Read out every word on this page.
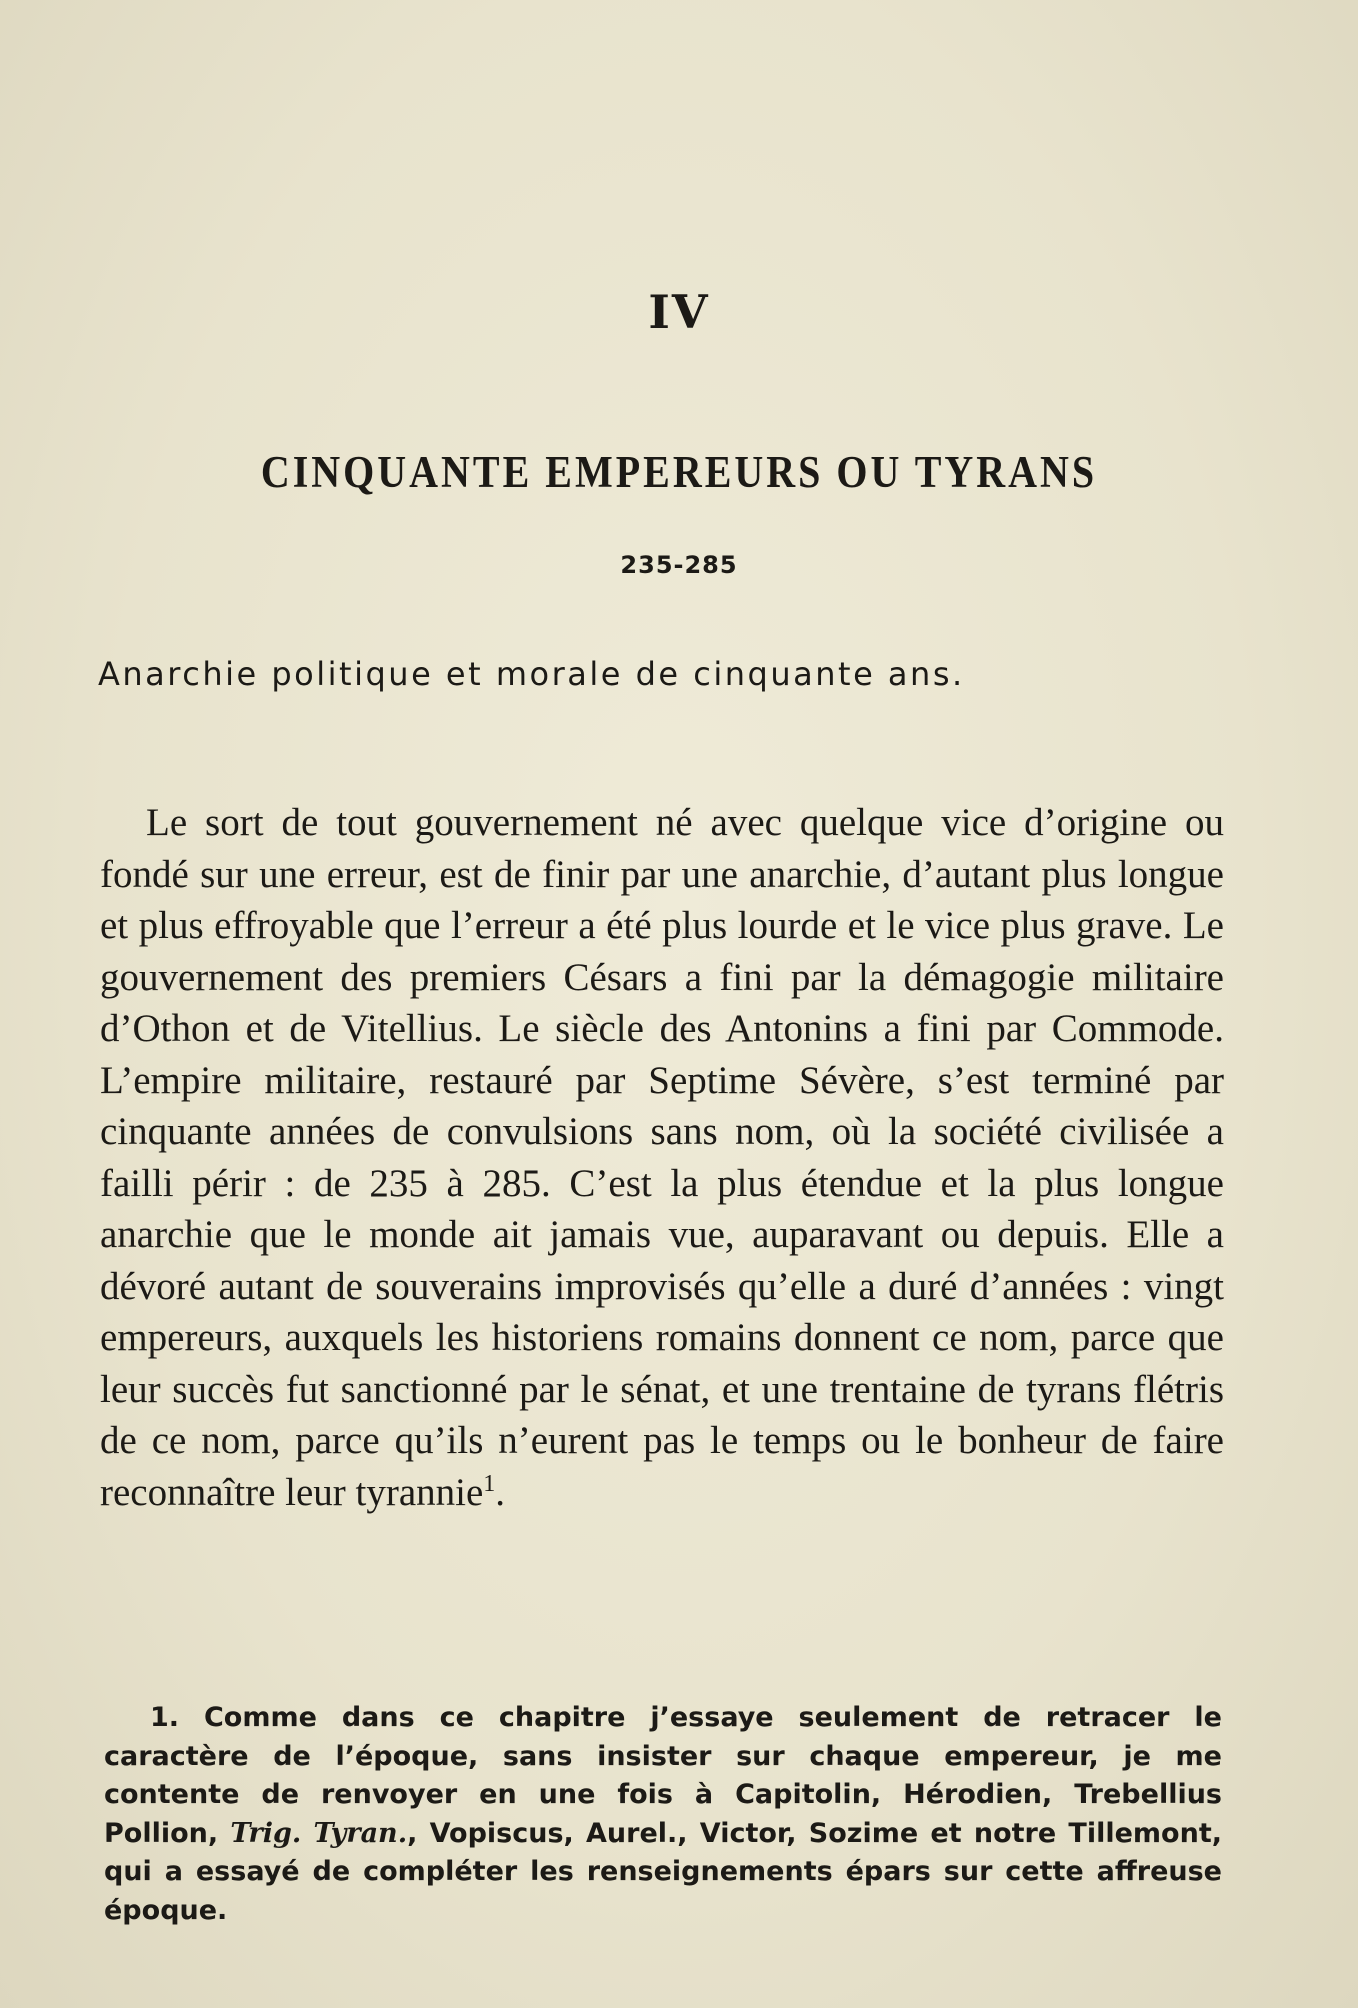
IV
CINQUANTE EMPEREURS OU TYRANS
235-285
Anarchie politique et morale de cinquante ans.

Le sort de tout gouvernement né avec quelque vice d’origine ou fondé sur une erreur, est de finir par une anarchie, d’autant plus longue et plus effroyable que l’erreur a été plus lourde et le vice plus grave. Le gouvernement des premiers Césars a fini par la démagogie militaire d’Othon et de Vitellius. Le siècle des Antonins a fini par Commode. L’empire militaire, restauré par Septime Sévère, s’est terminé par cinquante années de convulsions sans nom, où la société civilisée a failli périr : de 235 à 285. C’est la plus étendue et la plus longue anarchie que le monde ait jamais vue, auparavant ou depuis. Elle a dévoré autant de souverains improvisés qu’elle a duré d’années : vingt empereurs, auxquels les historiens romains donnent ce nom, parce que leur succès fut sanctionné par le sénat, et une trentaine de tyrans flétris de ce nom, parce qu’ils n’eurent pas le temps ou le bonheur de faire reconnaître leur tyrannie$^1$.

1. Comme dans ce chapitre j’essaye seulement de retracer le caractère de l’époque, sans insister sur chaque empereur, je me contente de renvoyer en une fois à Capitolin, Hérodien, Trebellius Pollion, Trig. Tyran., Vopiscus, Aurel., Victor, Sozime et notre Tillemont, qui a essayé de compléter les renseignements épars sur cette affreuse époque.
